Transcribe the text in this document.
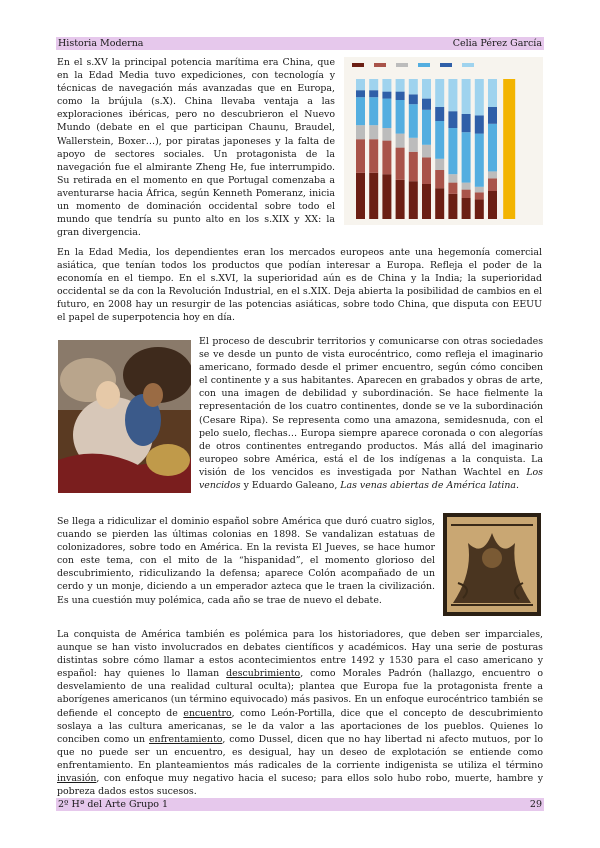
Historia Moderna	Celia Pérez García

En el s.XV la principal potencia marítima era China, que en la Edad Media tuvo expediciones, con tecnología y técnicas de navegación más avanzadas que en Europa, como la brújula (s.X). China llevaba ventaja a las exploraciones ibéricas, pero no descubrieron el Nuevo Mundo (debate en el que participan Chaunu, Braudel, Wallerstein, Boxer…), por piratas japoneses y la falta de apoyo de sectores sociales. Un protagonista de la navegación fue el almirante Zheng He, fue interrumpido. Su retirada en el momento en que Portugal comenzaba a aventurarse hacia África, según Kenneth Pomeranz, inicia un momento de dominación occidental sobre todo el mundo que tendría su punto alto en los s.XIX y XX: la gran divergencia.

En la Edad Media, los dependientes eran los mercados europeos ante una hegemonía comercial asiática, que tenían todos los productos que podían interesar a Europa. Refleja el poder de la economía en el tiempo. En el s.XVI, la superioridad aún es de China y la India; la superioridad occidental se da con la Revolución Industrial, en el s.XIX. Deja abierta la posibilidad de cambios en el futuro, en 2008 hay un resurgir de las potencias asiáticas, sobre todo China, que disputa con EEUU el papel de superpotencia hoy en día.

El proceso de descubrir territorios y comunicarse con otras sociedades se ve desde un punto de vista eurocéntrico, como refleja el imaginario americano, formado desde el primer encuentro, según cómo conciben el continente y a sus habitantes. Aparecen en grabados y obras de arte, con una imagen de debilidad y subordinación. Se hace fielmente la representación de los cuatro continentes, donde se ve la subordinación (Cesare Ripa). Se representa como una amazona, semidesnuda, con el pelo suelo, flechas… Europa siempre aparece coronada o con alegorías de otros continentes entregando productos. Más allá del imaginario europeo sobre América, está el de los indígenas a la conquista. La visión de los vencidos es investigada por Nathan Wachtel en Los vencidos y Eduardo Galeano, Las venas abiertas de América latina.

Se llega a ridiculizar el dominio español sobre América que duró cuatro siglos, cuando se pierden las últimas colonias en 1898. Se vandalizan estatuas de colonizadores, sobre todo en América. En la revista El Jueves, se hace humor con este tema, con el mito de la “hispanidad”, el momento glorioso del descubrimiento, ridiculizando la defensa; aparece Colón acompañado de un cerdo y un monje, diciendo a un emperador azteca que le traen la civilización. Es una cuestión muy polémica, cada año se trae de nuevo el debate.

La conquista de América también es polémica para los historiadores, que deben ser imparciales, aunque se han visto involucrados en debates científicos y académicos. Hay una serie de posturas distintas sobre cómo llamar a estos acontecimientos entre 1492 y 1530 para el caso americano y español: hay quienes lo llaman descubrimiento, como Morales Padrón (hallazgo, encuentro o desvelamiento de una realidad cultural oculta); plantea que Europa fue la protagonista frente a aborígenes americanos (un término equivocado) más pasivos. En un enfoque eurocéntrico también se defiende el concepto de encuentro, como León-Portilla, dice que el concepto de descubrimiento soslaya a las cultura americanas, se le da valor a las aportaciones de los pueblos. Quienes lo conciben como un enfrentamiento, como Dussel, dicen que no hay libertad ni afecto mutuos, por lo que no puede ser un encuentro, es desigual, hay un deseo de explotación se entiende como enfrentamiento. En planteamientos más radicales de la corriente indigenista se utiliza el término invasión, con enfoque muy negativo hacia el suceso; para ellos solo hubo robo, muerte, hambre y pobreza dados estos sucesos.

2º Hª del Arte Grupo 1	29
